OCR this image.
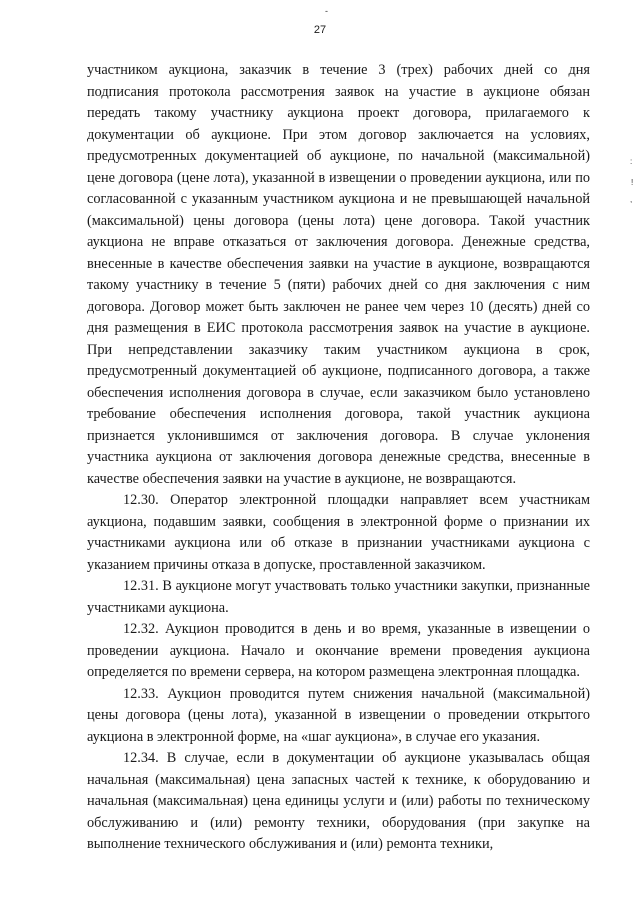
-
:
!
,
27

участником аукциона, заказчик в течение 3 (трех) рабочих дней со дня подписания протокола рассмотрения заявок на участие в аукционе обязан передать такому участнику аукциона проект договора, прилагаемого к документации об аукционе. При этом договор заключается на условиях, предусмотренных документацией об аукционе, по начальной (максимальной) цене договора (цене лота), указанной в извещении о проведении аукциона, или по согласованной с указанным участником аукциона и не превышающей начальной (максимальной) цены договора (цены лота) цене договора. Такой участник аукциона не вправе отказаться от заключения договора. Денежные средства, внесенные в качестве обеспечения заявки на участие в аукционе, возвращаются такому участнику в течение 5 (пяти) рабочих дней со дня заключения с ним договора. Договор может быть заключен не ранее чем через 10 (десять) дней со дня размещения в ЕИС протокола рассмотрения заявок на участие в аукционе. При непредставлении заказчику таким участником аукциона в срок, предусмотренный документацией об аукционе, подписанного договора, а также обеспечения исполнения договора в случае, если заказчиком было установлено требование обеспечения исполнения договора, такой участник аукциона признается уклонившимся от заключения договора. В случае уклонения участника аукциона от заключения договора денежные средства, внесенные в качестве обеспечения заявки на участие в аукционе, не возвращаются.

12.30. Оператор электронной площадки направляет всем участникам аукциона, подавшим заявки, сообщения в электронной форме о признании их участниками аукциона или об отказе в признании участниками аукциона с указанием причины отказа в допуске, проставленной заказчиком.

12.31. В аукционе могут участвовать только участники закупки, признанные участниками аукциона.

12.32. Аукцион проводится в день и во время, указанные в извещении о проведении аукциона. Начало и окончание времени проведения аукциона определяется по времени сервера, на котором размещена электронная площадка.

12.33. Аукцион проводится путем снижения начальной (максимальной) цены договора (цены лота), указанной в извещении о проведении открытого аукциона в электронной форме, на «шаг аукциона», в случае его указания.

12.34. В случае, если в документации об аукционе указывалась общая начальная (максимальная) цена запасных частей к технике, к оборудованию и начальная (максимальная) цена единицы услуги и (или) работы по техническому обслуживанию и (или) ремонту техники, оборудования (при закупке на выполнение технического обслуживания и (или) ремонта техники,
